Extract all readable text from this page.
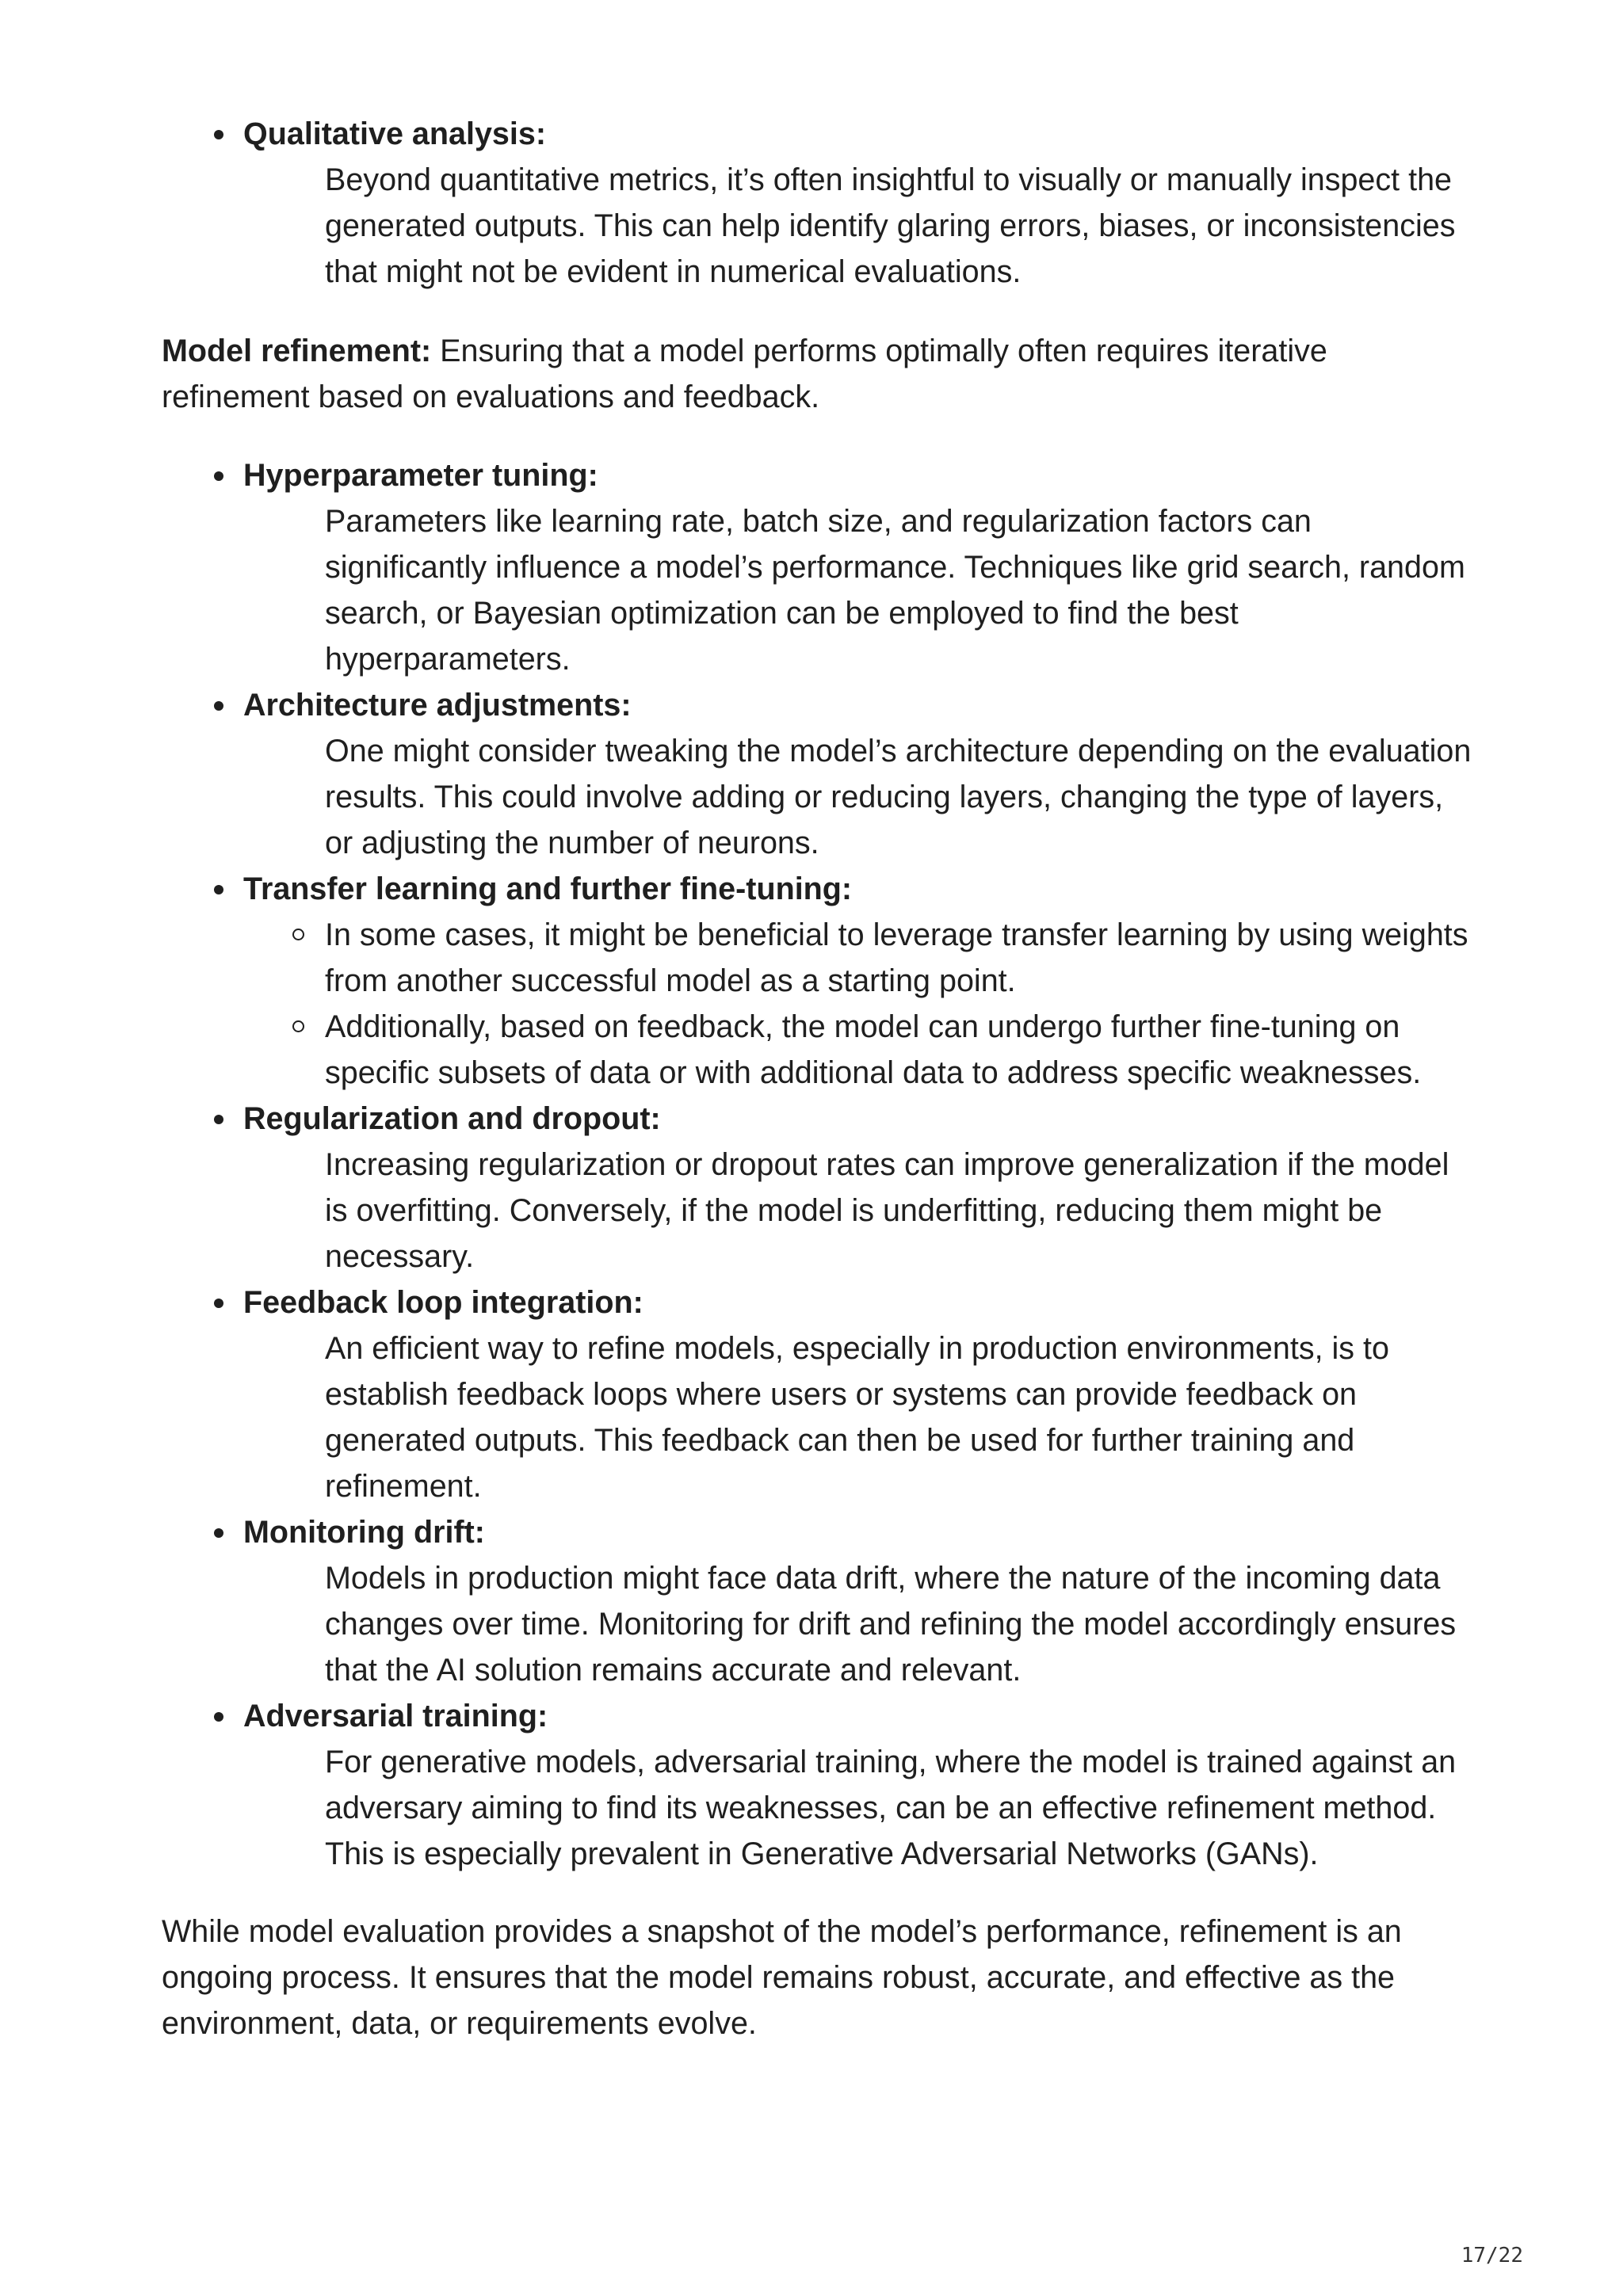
Qualitative analysis:
Beyond quantitative metrics, it’s often insightful to visually or manually inspect the generated outputs. This can help identify glaring errors, biases, or inconsistencies that might not be evident in numerical evaluations.

Model refinement: Ensuring that a model performs optimally often requires iterative refinement based on evaluations and feedback.

Hyperparameter tuning:
Parameters like learning rate, batch size, and regularization factors can significantly influence a model’s performance. Techniques like grid search, random search, or Bayesian optimization can be employed to find the best hyperparameters.
Architecture adjustments:
One might consider tweaking the model’s architecture depending on the evaluation results. This could involve adding or reducing layers, changing the type of layers, or adjusting the number of neurons.
Transfer learning and further fine-tuning:
In some cases, it might be beneficial to leverage transfer learning by using weights from another successful model as a starting point.
Additionally, based on feedback, the model can undergo further fine-tuning on specific subsets of data or with additional data to address specific weaknesses.
Regularization and dropout:
Increasing regularization or dropout rates can improve generalization if the model is overfitting. Conversely, if the model is underfitting, reducing them might be necessary.
Feedback loop integration:
An efficient way to refine models, especially in production environments, is to establish feedback loops where users or systems can provide feedback on generated outputs. This feedback can then be used for further training and refinement.
Monitoring drift:
Models in production might face data drift, where the nature of the incoming data changes over time. Monitoring for drift and refining the model accordingly ensures that the AI solution remains accurate and relevant.
Adversarial training:
For generative models, adversarial training, where the model is trained against an adversary aiming to find its weaknesses, can be an effective refinement method. This is especially prevalent in Generative Adversarial Networks (GANs).

While model evaluation provides a snapshot of the model’s performance, refinement is an ongoing process. It ensures that the model remains robust, accurate, and effective as the environment, data, or requirements evolve.

17/22
